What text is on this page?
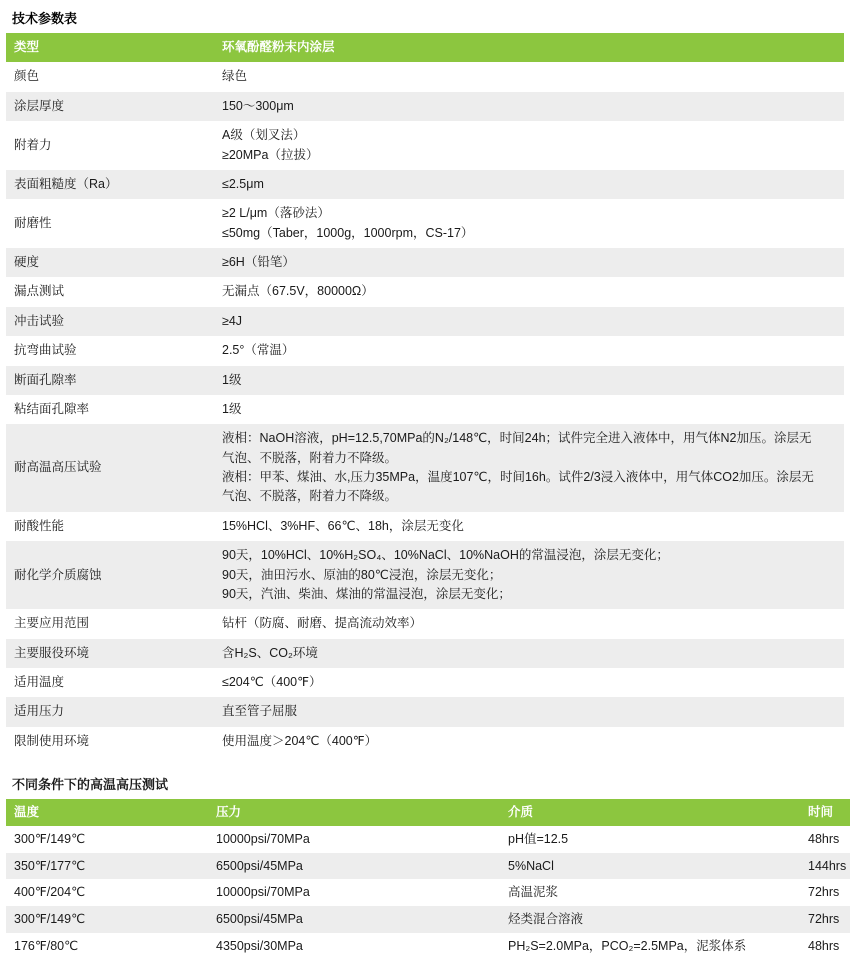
技术参数表
类型	环氧酚醛粉末内涂层
颜色	绿色

涂层厚度	150～300μm

附着力	A级（划叉法）
≥20MPa（拉拔）

表面粗糙度（Ra）	≤2.5μm

耐磨性	≥2 L/μm（落砂法）
≤50mg（Taber，1000g，1000rpm，CS-17）

硬度	≥6H（铅笔）

漏点测试	无漏点（67.5V，80000Ω）

冲击试验	≥4J

抗弯曲试验	2.5°（常温）

断面孔隙率	1级

粘结面孔隙率	1级

耐高温高压试验	液相：NaOH溶液，pH=12.5,70MPa的N₂/148℃，时间24h；试件完全进入液体中，用气体N2加压。涂层无
气泡、不脱落，附着力不降级。
液相：甲苯、煤油、水,压力35MPa，温度107℃，时间16h。试件2/3浸入液体中，用气体CO2加压。涂层无
气泡、不脱落，附着力不降级。

耐酸性能	15%HCl、3%HF、66℃、18h，涂层无变化

耐化学介质腐蚀	90天，10%HCl、10%H₂SO₄、10%NaCl、10%NaOH的常温浸泡，涂层无变化；
90天，油田污水、原油的80℃浸泡，涂层无变化；
90天，汽油、柴油、煤油的常温浸泡，涂层无变化；

主要应用范围	钻杆（防腐、耐磨、提高流动效率）

主要服役环境	含H₂S、CO₂环境

适用温度	≤204℃（400℉）

适用压力	直至管子屈服

限制使用环境	使用温度＞204℃（400℉）
不同条件下的高温高压测试
温度	压力	介质	时间
300℉/149℃	10000psi/70MPa	pH值=12.5	48hrs
350℉/177℃	6500psi/45MPa	5%NaCl	144hrs
400℉/204℃	10000psi/70MPa	高温泥浆	72hrs
300℉/149℃	6500psi/45MPa	烃类混合溶液	72hrs
176℉/80℃	4350psi/30MPa	PH₂S=2.0MPa，PCO₂=2.5MPa，泥浆体系	48hrs
